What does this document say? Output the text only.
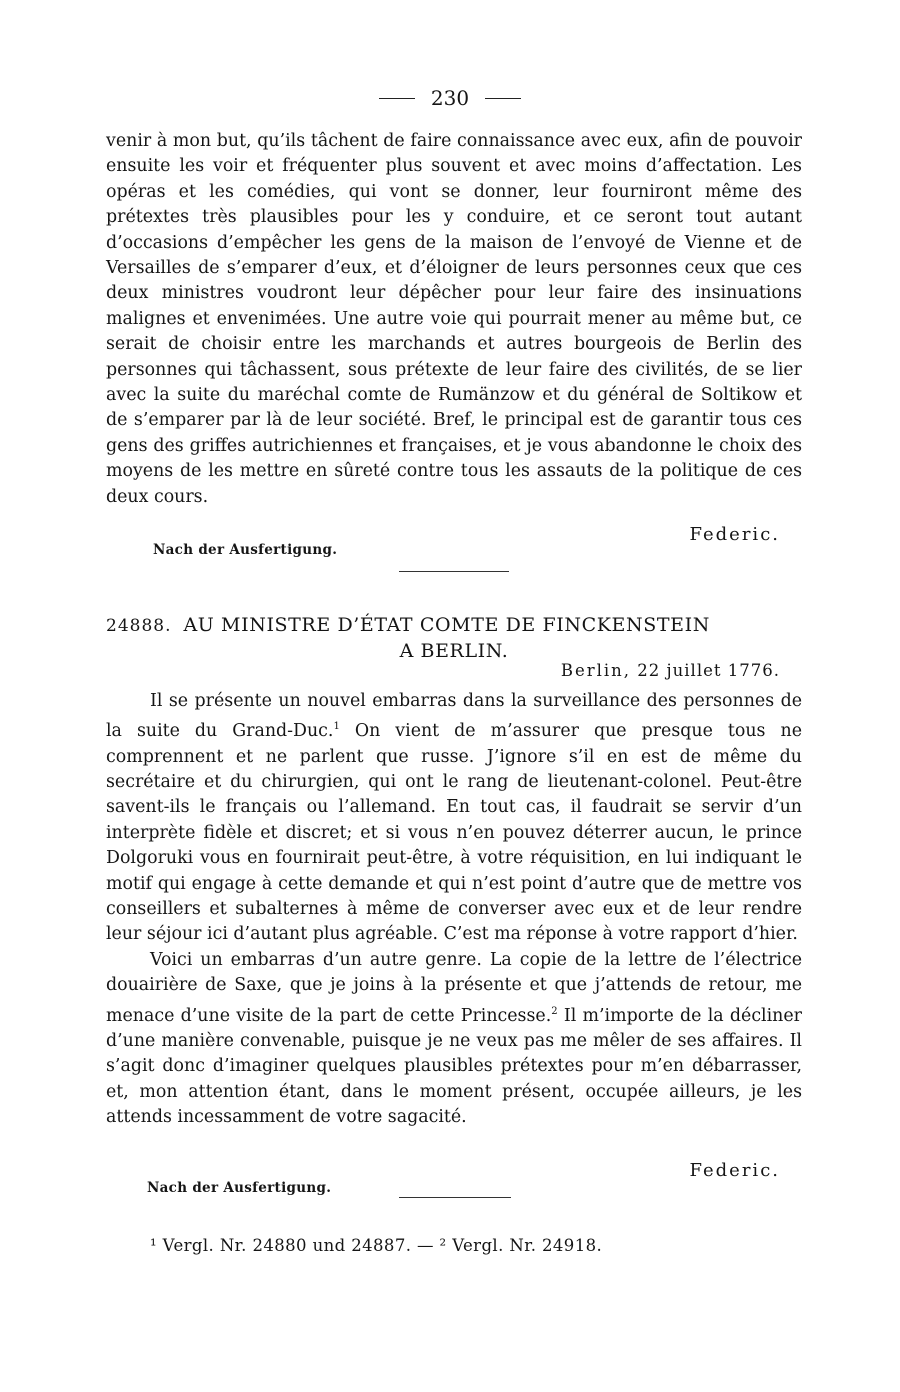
230

venir à mon but, qu’ils tâchent de faire connaissance avec eux, afin de pouvoir ensuite les voir et fréquenter plus souvent et avec moins d’affectation. Les opéras et les comédies, qui vont se donner, leur fourniront même des prétextes très plausibles pour les y conduire, et ce seront tout autant d’occasions d’empêcher les gens de la maison de l’envoyé de Vienne et de Versailles de s’emparer d’eux, et d’éloigner de leurs personnes ceux que ces deux ministres voudront leur dépêcher pour leur faire des insinuations malignes et envenimées. Une autre voie qui pourrait mener au même but, ce serait de choisir entre les marchands et autres bourgeois de Berlin des personnes qui tâchassent, sous prétexte de leur faire des civilités, de se lier avec la suite du maréchal comte de Rumänzow et du général de Soltikow et de s’emparer par là de leur société. Bref, le principal est de garantir tous ces gens des griffes autrichiennes et françaises, et je vous abandonne le choix des moyens de les mettre en sûreté contre tous les assauts de la politique de ces deux cours.

Federic.
Nach der Ausfertigung.
24888. AU MINISTRE D’ÉTAT COMTE DE FINCKENSTEIN
A BERLIN.
Berlin, 22 juillet 1776.

Il se présente un nouvel embarras dans la surveillance des personnes de la suite du Grand-Duc.$^1$ On vient de m’assurer que presque tous ne comprennent et ne parlent que russe. J’ignore s’il en est de même du secrétaire et du chirurgien, qui ont le rang de lieutenant-colonel. Peut-être savent-ils le français ou l’allemand. En tout cas, il faudrait se servir d’un interprète fidèle et discret; et si vous n’en pouvez déterrer aucun, le prince Dolgoruki vous en fournirait peut-être, à votre réquisition, en lui indiquant le motif qui engage à cette demande et qui n’est point d’autre que de mettre vos conseillers et subalternes à même de converser avec eux et de leur rendre leur séjour ici d’autant plus agréable. C’est ma réponse à votre rapport d’hier.

Voici un embarras d’un autre genre. La copie de la lettre de l’électrice douairière de Saxe, que je joins à la présente et que j’attends de retour, me menace d’une visite de la part de cette Princesse.$^2$ Il m’importe de la décliner d’une manière convenable, puisque je ne veux pas me mêler de ses affaires. Il s’agit donc d’imaginer quelques plausibles prétextes pour m’en débarrasser, et, mon attention étant, dans le moment présent, occupée ailleurs, je les attends incessamment de votre sagacité.

Federic.
Nach der Ausfertigung.
¹ Vergl. Nr. 24880 und 24887. — ² Vergl. Nr. 24918.
